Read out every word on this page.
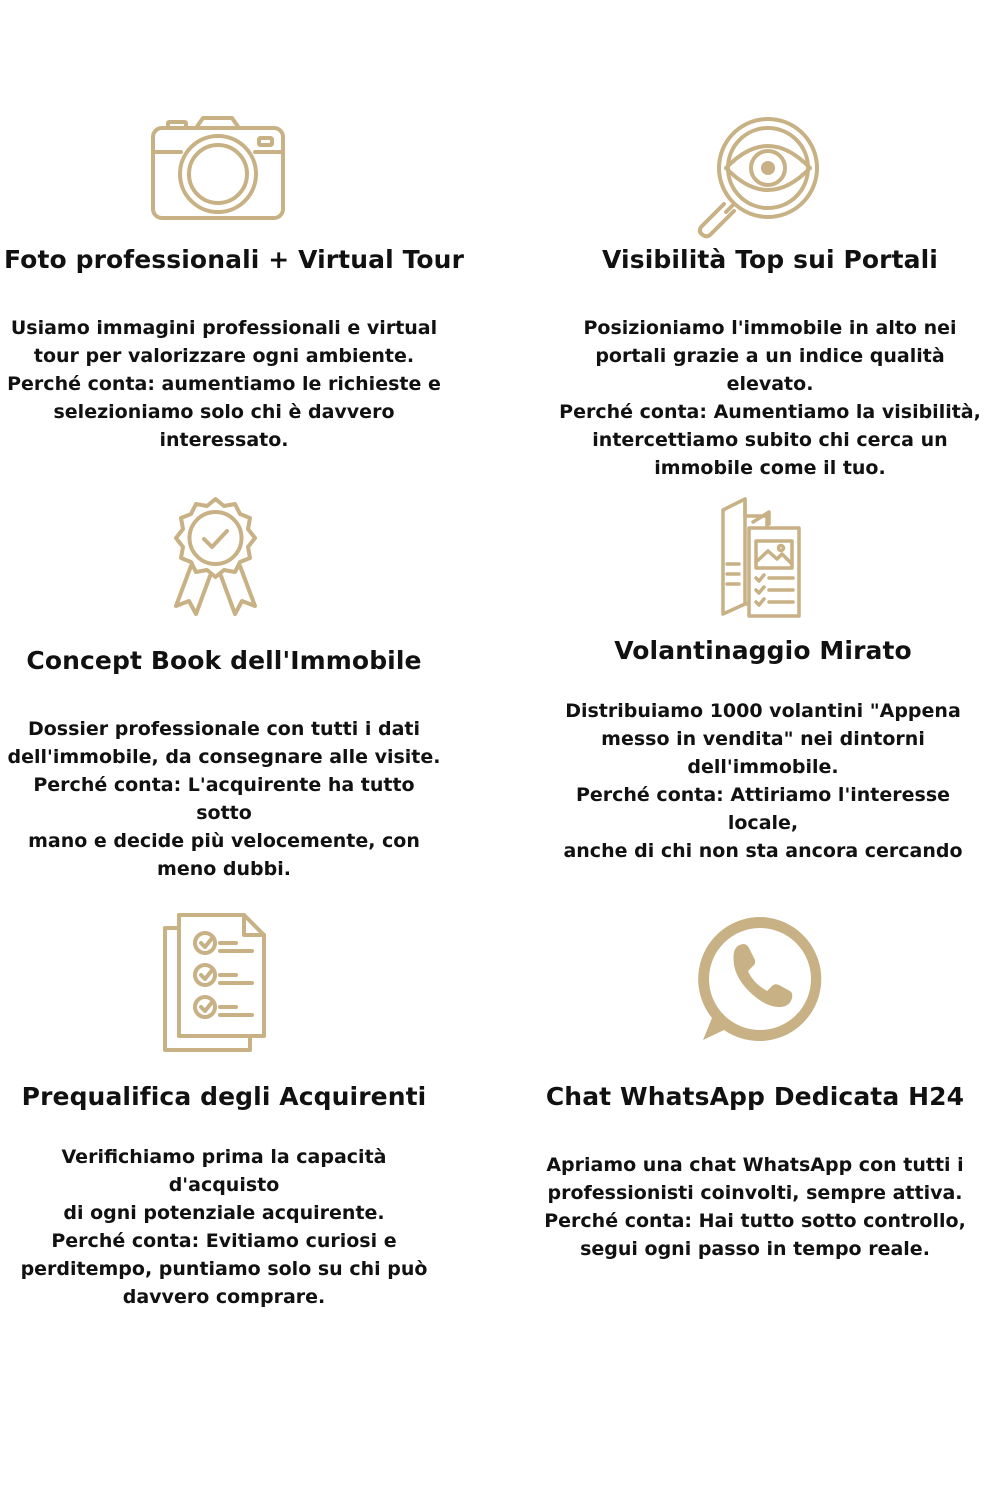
Foto professionali + Virtual Tour

Usiamo immagini professionali e virtual

tour per valorizzare ogni ambiente.

Perché conta: aumentiamo le richieste e

selezioniamo solo chi è davvero

interessato.

Visibilità Top sui Portali

Posizioniamo l'immobile in alto nei

portali grazie a un indice qualità elevato.

Perché conta: Aumentiamo la visibilità,

intercettiamo subito chi cerca un

immobile come il tuo.

Concept Book dell'Immobile

Dossier professionale con tutti i dati

dell'immobile, da consegnare alle visite.

Perché conta: L'acquirente ha tutto sotto

mano e decide più velocemente, con

meno dubbi.

Volantinaggio Mirato

Distribuiamo 1000 volantini "Appena

messo in vendita" nei dintorni

dell'immobile.

Perché conta: Attiriamo l'interesse locale,

anche di chi non sta ancora cercando

Prequalifica degli Acquirenti

Verifichiamo prima la capacità d'acquisto

di ogni potenziale acquirente.

Perché conta: Evitiamo curiosi e

perditempo, puntiamo solo su chi può

davvero comprare.

Chat WhatsApp Dedicata H24

Apriamo una chat WhatsApp con tutti i

professionisti coinvolti, sempre attiva.

Perché conta: Hai tutto sotto controllo,

segui ogni passo in tempo reale.
